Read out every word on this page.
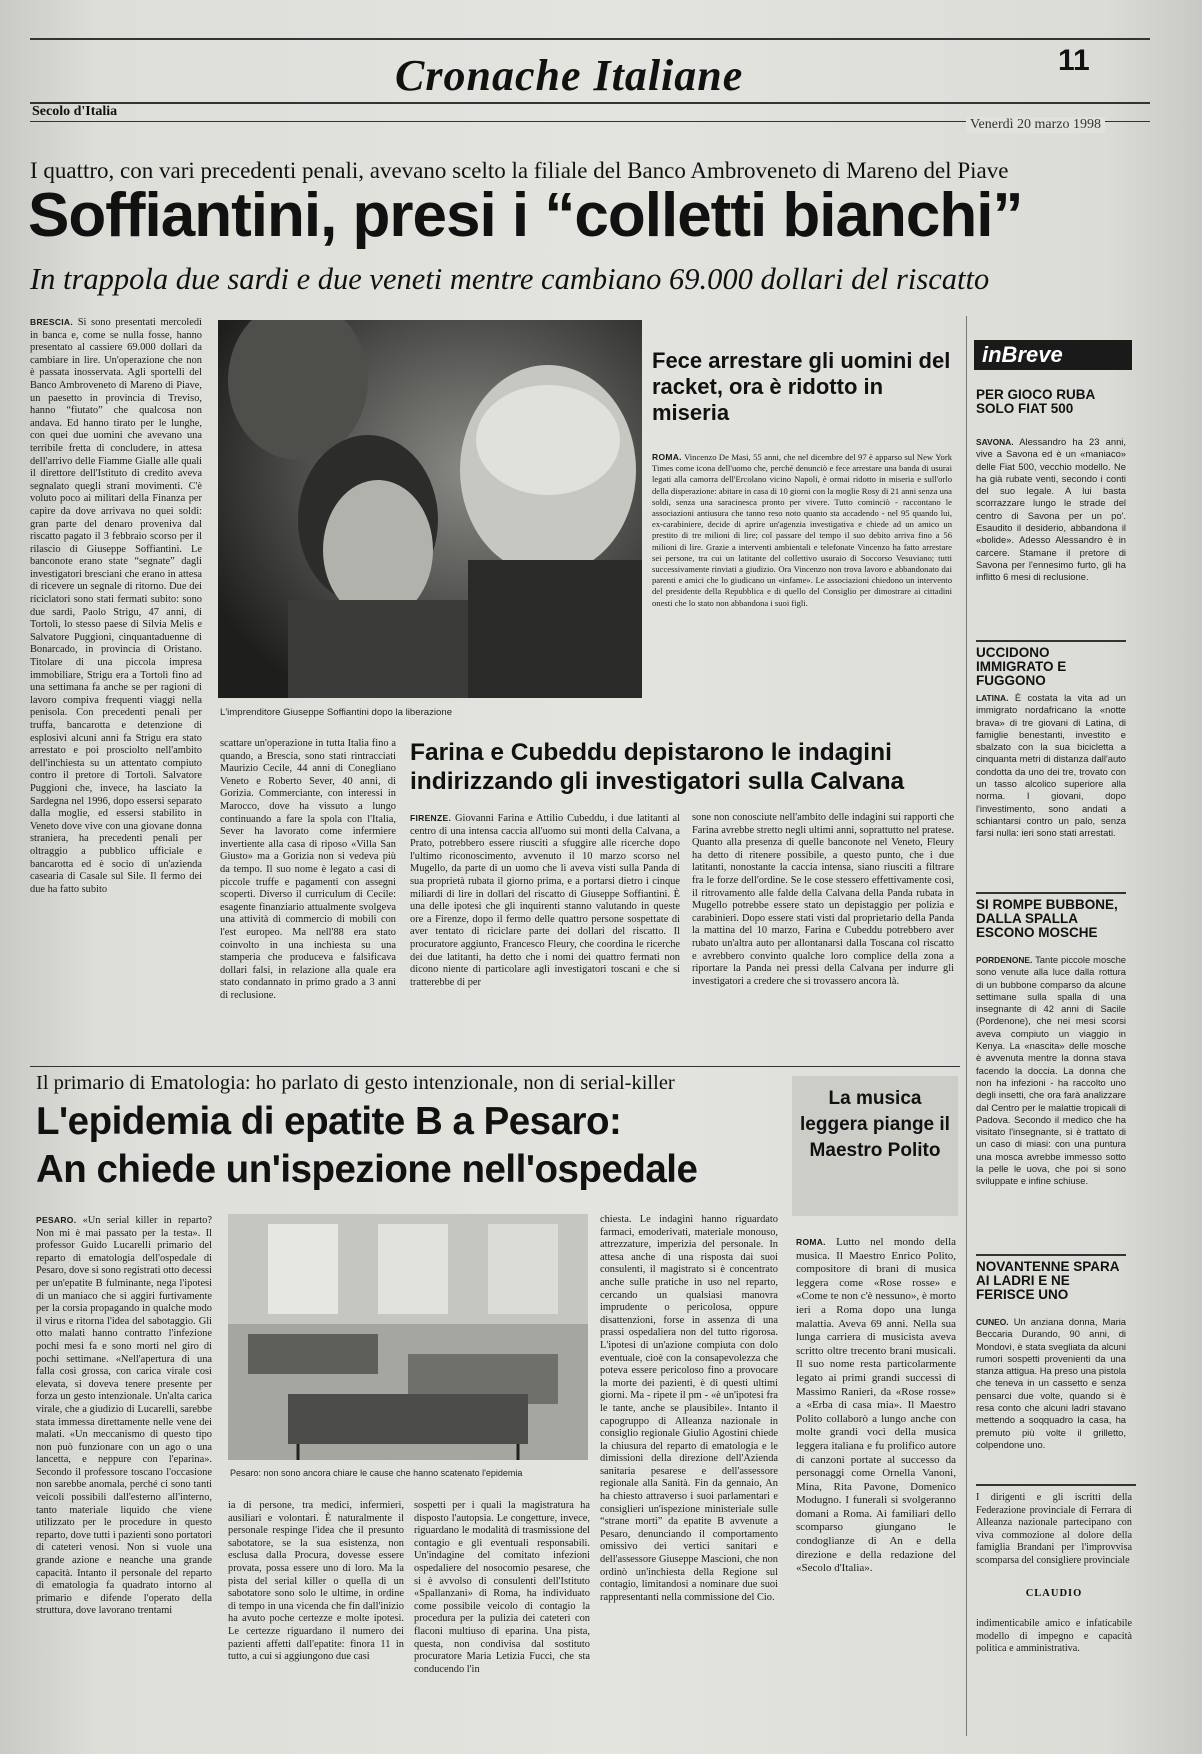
Cronache Italiane	11
Secolo d'Italia
Venerdì 20 marzo 1998
I quattro, con vari precedenti penali, avevano scelto la filiale del Banco Ambroveneto di Mareno del Piave
Soffiantini, presi i “colletti bianchi”
In trappola due sardi e due veneti mentre cambiano 69.000 dollari del riscatto

BRESCIA. Si sono presentati mercoledì in banca e, come se nulla fosse, hanno presentato al cassiere 69.000 dollari da cambiare in lire. Un'operazione che non è passata inosservata. Agli sportelli del Banco Ambroveneto di Mareno di Piave, un paesetto in provincia di Treviso, hanno “fiutato” che qualcosa non andava. Ed hanno tirato per le lunghe, con quei due uomini che avevano una terribile fretta di concludere, in attesa dell'arrivo delle Fiamme Gialle alle quali il direttore dell'Istituto di credito aveva segnalato quegli strani movimenti. C'è voluto poco ai militari della Finanza per capire da dove arrivava no quei soldi: gran parte del denaro proveniva dal riscatto pagato il 3 febbraio scorso per il rilascio di Giuseppe Soffiantini. Le banconote erano state “segnate” dagli investigatori bresciani che erano in attesa di ricevere un segnale di ritorno. Due dei riciclatori sono stati fermati subito: sono due sardi, Paolo Strigu, 47 anni, di Tortolì, lo stesso paese di Silvia Melis e Salvatore Puggioni, cinquantaduenne di Bonarcado, in provincia di Oristano. Titolare di una piccola impresa immobiliare, Strigu era a Tortolì fino ad una settimana fa anche se per ragioni di lavoro compiva frequenti viaggi nella penisola. Con precedenti penali per truffa, bancarotta e detenzione di esplosivi alcuni anni fa Strigu era stato arrestato e poi prosciolto nell'ambito dell'inchiesta su un attentato compiuto contro il pretore di Tortolì. Salvatore Puggioni che, invece, ha lasciato la Sardegna nel 1996, dopo essersi separato dalla moglie, ed essersi stabilito in Veneto dove vive con una giovane donna straniera, ha precedenti penali per oltraggio a pubblico ufficiale e bancarotta ed è socio di un'azienda casearia di Casale sul Sile. Il fermo dei due ha fatto subito

L'imprenditore Giuseppe Soffiantini dopo la liberazione
Fece arrestare gli uomini del racket, ora è ridotto in miseria

ROMA. Vincenzo De Masi, 55 anni, che nel dicembre del 97 è apparso sul New York Times come icona dell'uomo che, perché denunciò e fece arrestare una banda di usurai legati alla camorra dell'Ercolano vicino Napoli, è ormai ridotto in miseria e sull'orlo della disperazione: abitare in casa di 10 giorni con la moglie Rosy di 21 anni senza una soldi, senza una saracinesca pronto per vivere. Tutto cominciò - raccontano le associazioni antiusura che tanno reso noto quanto sta accadendo - nel 95 quando lui, ex-carabiniere, decide di aprire un'agenzia investigativa e chiede ad un amico un prestito di tre milioni di lire; col passare del tempo il suo debito arriva fino a 56 milioni di lire. Grazie a interventi ambientali e telefonate Vincenzo ha fatto arrestare sei persone, tra cui un latitante del collettivo usuraio di Soccorso Vesuviano; tutti successivamente rinviati a giudizio. Ora Vincenzo non trova lavoro e abbandonato dai parenti e amici che lo giudicano un «infame». Le associazioni chiedono un intervento del presidente della Repubblica e di quello del Consiglio per dimostrare ai cittadini onesti che lo stato non abbandona i suoi figli.

scattare un'operazione in tutta Italia fino a quando, a Brescia, sono stati rintracciati Maurizio Cecile, 44 anni di Conegliano Veneto e Roberto Sever, 40 anni, di Gorizia. Commerciante, con interessi in Marocco, dove ha vissuto a lungo continuando a fare la spola con l'Italia, Sever ha lavorato come infermiere invertiente alla casa di riposo «Villa San Giusto» ma a Gorizia non si vedeva più da tempo. Il suo nome è legato a casi di piccole truffe e pagamenti con assegni scoperti. Diverso il curriculum di Cecile: esagente finanziario attualmente svolgeva una attività di commercio di mobili con l'est europeo. Ma nell'88 era stato coinvolto in una inchiesta su una stamperia che produceva e falsificava dollari falsi, in relazione alla quale era stato condannato in primo grado a 3 anni di reclusione.

Farina e Cubeddu depistarono le indagini indirizzando gli investigatori sulla Calvana

FIRENZE. Giovanni Farina e Attilio Cubeddu, i due latitanti al centro di una intensa caccia all'uomo sui monti della Calvana, a Prato, potrebbero essere riusciti a sfuggire alle ricerche dopo l'ultimo riconoscimento, avvenuto il 10 marzo scorso nel Mugello, da parte di un uomo che li aveva visti sulla Panda di sua proprietà rubata il giorno prima, e a portarsi dietro i cinque miliardi di lire in dollari del riscatto di Giuseppe Soffiantini. È una delle ipotesi che gli inquirenti stanno valutando in queste ore a Firenze, dopo il fermo delle quattro persone sospettate di aver tentato di riciclare parte dei dollari del riscatto. Il procuratore aggiunto, Francesco Fleury, che coordina le ricerche dei due latitanti, ha detto che i nomi dei quattro fermati non dicono niente di particolare agli investigatori toscani e che si tratterebbe di per

sone non conosciute nell'ambito delle indagini sui rapporti che Farina avrebbe stretto negli ultimi anni, soprattutto nel pratese. Quanto alla presenza di quelle banconote nel Veneto, Fleury ha detto di ritenere possibile, a questo punto, che i due latitanti, nonostante la caccia intensa, siano riusciti a filtrare fra le forze dell'ordine. Se le cose stessero effettivamente così, il ritrovamento alle falde della Calvana della Panda rubata in Mugello potrebbe essere stato un depistaggio per polizia e carabinieri. Dopo essere stati visti dal proprietario della Panda la mattina del 10 marzo, Farina e Cubeddu potrebbero aver rubato un'altra auto per allontanarsi dalla Toscana col riscatto e avrebbero convinto qualche loro complice della zona a riportare la Panda nei pressi della Calvana per indurre gli investigatori a credere che si trovassero ancora là.

Il primario di Ematologia: ho parlato di gesto intenzionale, non di serial-killer
L'epidemia di epatite B a Pesaro:
An chiede un'ispezione nell'ospedale

PESARO. «Un serial killer in reparto? Non mi è mai passato per la testa». Il professor Guido Lucarelli primario del reparto di ematologia dell'ospedale di Pesaro, dove si sono registrati otto decessi per un'epatite B fulminante, nega l'ipotesi di un maniaco che si aggiri furtivamente per la corsia propagando in qualche modo il virus e ritorna l'idea del sabotaggio. Gli otto malati hanno contratto l'infezione pochi mesi fa e sono morti nel giro di pochi settimane. «Nell'apertura di una falla così grossa, con carica virale così elevata, si doveva tenere presente per forza un gesto intenzionale. Un'alta carica virale, che a giudizio di Lucarelli, sarebbe stata immessa direttamente nelle vene dei malati. «Un meccanismo di questo tipo non può funzionare con un ago o una lancetta, e neppure con l'eparina». Secondo il professore toscano l'occasione non sarebbe anomala, perché ci sono tanti veicoli possibili dall'esterno all'interno, tanto materiale liquido che viene utilizzato per le procedure in questo reparto, dove tutti i pazienti sono portatori di cateteri venosi. Non si vuole una grande azione e neanche una grande capacità. Intanto il personale del reparto di ematologia fa quadrato intorno al primario e difende l'operato della struttura, dove lavorano trentami

Pesaro: non sono ancora chiare le cause che hanno scatenato l'epidemia

ia di persone, tra medici, infermieri, ausiliari e volontari. È naturalmente il personale respinge l'idea che il presunto sabotatore, se la sua esistenza, non esclusa dalla Procura, dovesse essere provata, possa essere uno di loro. Ma la pista del serial killer o quella di un sabotatore sono solo le ultime, in ordine di tempo in una vicenda che fin dall'inizio ha avuto poche certezze e molte ipotesi. Le certezze riguardano il numero dei pazienti affetti dall'epatite: finora 11 in tutto, a cui si aggiungono due casi

sospetti per i quali la magistratura ha disposto l'autopsia. Le congetture, invece, riguardano le modalità di trasmissione del contagio e gli eventuali responsabili. Un'indagine del comitato infezioni ospedaliere del nosocomio pesarese, che si è avvolso di consulenti dell'Istituto «Spallanzani» di Roma, ha individuato come possibile veicolo di contagio la procedura per la pulizia dei cateteri con flaconi multiuso di eparina. Una pista, questa, non condivisa dal sostituto procuratore Maria Letizia Fucci, che sta conducendo l'in

chiesta. Le indagini hanno riguardato farmaci, emoderivati, materiale monouso, attrezzature, imperizia del personale. In attesa anche di una risposta dai suoi consulenti, il magistrato si è concentrato anche sulle pratiche in uso nel reparto, cercando un qualsiasi manovra imprudente o pericolosa, oppure disattenzioni, forse in assenza di una prassi ospedaliera non del tutto rigorosa. L'ipotesi di un'azione compiuta con dolo eventuale, cioè con la consapevolezza che poteva essere pericoloso fino a provocare la morte dei pazienti, è di questi ultimi giorni. Ma - ripete il pm - «è un'ipotesi fra le tante, anche se plausibile». Intanto il capogruppo di Alleanza nazionale in consiglio regionale Giulio Agostini chiede la chiusura del reparto di ematologia e le dimissioni della direzione dell'Azienda sanitaria pesarese e dell'assessore regionale alla Sanità. Fin da gennaio, An ha chiesto attraverso i suoi parlamentari e consiglieri un'ispezione ministeriale sulle “strane morti” da epatite B avvenute a Pesaro, denunciando il comportamento omissivo dei vertici sanitari e dell'assessore Giuseppe Mascioni, che non ordinò un'inchiesta della Regione sul contagio, limitandosi a nominare due suoi rappresentanti nella commissione del Cio.

La musica leggera piange il Maestro Polito

ROMA. Lutto nel mondo della musica. Il Maestro Enrico Polito, compositore di brani di musica leggera come «Rose rosse» e «Come te non c'è nessuno», è morto ieri a Roma dopo una lunga malattia. Aveva 69 anni. Nella sua lunga carriera di musicista aveva scritto oltre trecento brani musicali. Il suo nome resta particolarmente legato ai primi grandi successi di Massimo Ranieri, da «Rose rosse» a «Erba di casa mia». Il Maestro Polito collaborò a lungo anche con molte grandi voci della musica leggera italiana e fu prolifico autore di canzoni portate al successo da personaggi come Ornella Vanoni, Mina, Rita Pavone, Domenico Modugno. I funerali si svolgeranno domani a Roma. Ai familiari dello scomparso giungano le condoglianze di An e della direzione e della redazione del «Secolo d'Italia».

inBreve
PER GIOCO RUBA SOLO FIAT 500
SAVONA. Alessandro ha 23 anni, vive a Savona ed è un «maniaco» delle Fiat 500, vecchio modello. Ne ha già rubate venti, secondo i conti del suo legale. A lui basta scorrazzare lungo le strade del centro di Savona per un po'. Esaudito il desiderio, abbandona il «bolide». Adesso Alessandro è in carcere. Stamane il pretore di Savona per l'ennesimo furto, gli ha inflitto 6 mesi di reclusione.
UCCIDONO IMMIGRATO E FUGGONO
LATINA. È costata la vita ad un immigrato nordafricano la «notte brava» di tre giovani di Latina, di famiglie benestanti, investito e sbalzato con la sua bicicletta a cinquanta metri di distanza dall'auto condotta da uno dei tre, trovato con un tasso alcolico superiore alla norma. I giovani, dopo l'investimento, sono andati a schiantarsi contro un palo, senza farsi nulla: ieri sono stati arrestati.
SI ROMPE BUBBONE, DALLA SPALLA ESCONO MOSCHE
PORDENONE. Tante piccole mosche sono venute alla luce dalla rottura di un bubbone comparso da alcune settimane sulla spalla di una insegnante di 42 anni di Sacile (Pordenone), che nei mesi scorsi aveva compiuto un viaggio in Kenya. La «nascita» delle mosche è avvenuta mentre la donna stava facendo la doccia. La donna che non ha infezioni - ha raccolto uno degli insetti, che ora farà analizzare dal Centro per le malattie tropicali di Padova. Secondo il medico che ha visitato l'insegnante, si è trattato di un caso di miasi: con una puntura una mosca avrebbe immesso sotto la pelle le uova, che poi si sono sviluppate e infine schiuse.
NOVANTENNE SPARA AI LADRI E NE FERISCE UNO
CUNEO. Un anziana donna, Maria Beccaria Durando, 90 anni, di Mondovì, è stata svegliata da alcuni rumori sospetti provenienti da una stanza attigua. Ha preso una pistola che teneva in un cassetto e senza pensarci due volte, quando si è resa conto che alcuni ladri stavano mettendo a soqquadro la casa, ha premuto più volte il grilletto, colpendone uno.
I dirigenti e gli iscritti della Federazione provinciale di Ferrara di Alleanza nazionale partecipano con viva commozione al dolore della famiglia Brandani per l'improvvisa scomparsa del consigliere provinciale
CLAUDIO
indimenticabile amico e infaticabile modello di impegno e capacità politica e amministrativa.
